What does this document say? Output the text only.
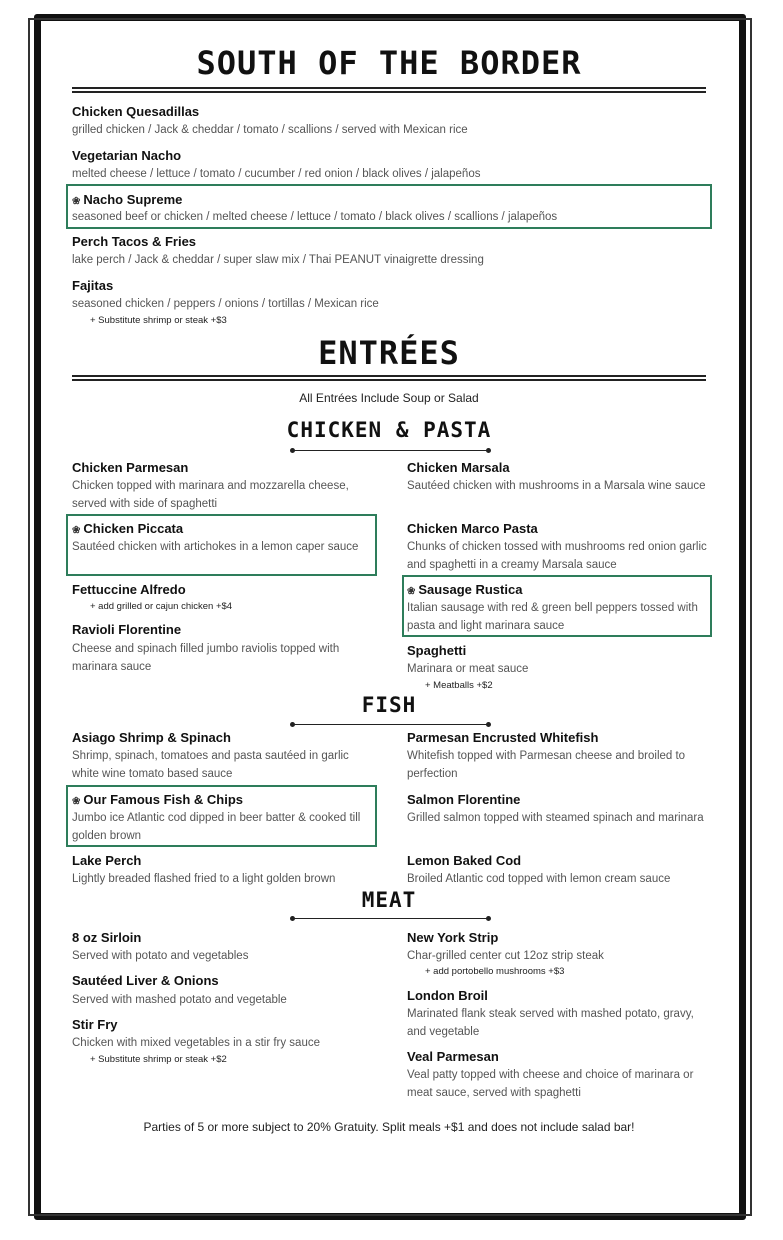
SOUTH OF THE BORDER
Chicken Quesadillas
grilled chicken / Jack & cheddar / tomato / scallions / served with Mexican rice
Vegetarian Nacho
melted cheese / lettuce / tomato / cucumber / red onion / black olives / jalapeños
❀ Nacho Supreme
seasoned beef or chicken / melted cheese / lettuce / tomato / black olives / scallions / jalapeños
Perch Tacos & Fries
lake perch / Jack & cheddar / super slaw mix / Thai PEANUT vinaigrette dressing
Fajitas
seasoned chicken / peppers / onions / tortillas / Mexican rice
+ Substitute shrimp or steak +$3
ENTRÉES
All Entrées Include Soup or Salad
CHICKEN & PASTA
Chicken Parmesan
Chicken topped with marinara and mozzarella cheese, served with side of spaghetti
❀ Chicken Piccata
Sautéed chicken with artichokes in a lemon caper sauce
Fettuccine Alfredo
+ add grilled or cajun chicken +$4
Ravioli Florentine
Cheese and spinach filled jumbo raviolis topped with marinara sauce
Chicken Marsala
Sautéed chicken with mushrooms in a Marsala wine sauce
Chicken Marco Pasta
Chunks of chicken tossed with mushrooms red onion garlic and spaghetti in a creamy Marsala sauce
❀ Sausage Rustica
Italian sausage with red & green bell peppers tossed with pasta and light marinara sauce
Spaghetti
Marinara or meat sauce
+ Meatballs +$2
FISH
Asiago Shrimp & Spinach
Shrimp, spinach, tomatoes and pasta sautéed in garlic white wine tomato based sauce
❀ Our Famous Fish & Chips
Jumbo ice Atlantic cod dipped in beer batter & cooked till golden brown
Lake Perch
Lightly breaded flashed fried to a light golden brown
Parmesan Encrusted Whitefish
Whitefish topped with Parmesan cheese and broiled to perfection
Salmon Florentine
Grilled salmon topped with steamed spinach and marinara
Lemon Baked Cod
Broiled Atlantic cod topped with lemon cream sauce
MEAT
8 oz Sirloin
Served with potato and vegetables
Sautéed Liver & Onions
Served with mashed potato and vegetable
Stir Fry
Chicken with mixed vegetables in a stir fry sauce
+ Substitute shrimp or steak +$2
New York Strip
Char-grilled center cut 12oz strip steak
+ add portobello mushrooms +$3
London Broil
Marinated flank steak served with mashed potato, gravy, and vegetable
Veal Parmesan
Veal patty topped with cheese and choice of marinara or meat sauce, served with spaghetti
Parties of 5 or more subject to 20% Gratuity. Split meals +$1 and does not include salad bar!
